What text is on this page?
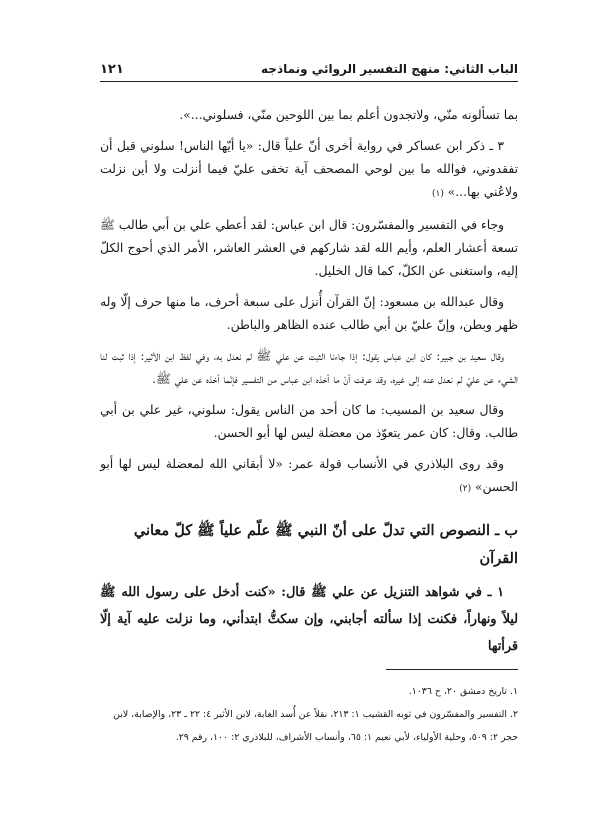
الباب الثاني: منهج التفسير الروائي ونماذجه
١٢١

بما تسألونه منّي، ولاتجدون أعلم بما بين اللوحين منّي، فسلوني...».

٣ ـ ذكر ابن عساكر في رواية أخرى أنّ علياً قال: «يا أيّها الناس! سلوني قبل أن تفقدوني، فوالله ما بين لوحي المصحف آية تخفى عليّ فيما أنزلت ولا أين نزلت ولاعُني بها...» (١)

وجاء في التفسير والمفسّرون: قال ابن عباس: لقد أعطي علي بن أبي طالب ﷺ تسعة أعشار العلم، وأيم الله لقد شاركهم في العشر العاشر، الأمر الذي أحوج الكلّ إليه، واستغنى عن الكلّ، كما قال الخليل.

وقال عبدالله بن مسعود: إنّ القرآن أُنزل على سبعة أحرف، ما منها حرف إلّا وله ظهر وبطن، وإنّ عليّ بن أبي طالب عنده الظاهر والباطن.

وقال سعيد بن جبير: كان ابن عباس يقول: إذا جاءنا الثبت عن علي ﷺ لم نعدل به، وفي لفظ ابن الأثير: إذا ثبت لنا الشيء عن عليّ لم نعدل عنه إلى غيره، وقد عرفت أنّ ما أخذه ابن عباس من التفسير فإنّما أخذه عن علي ﷺ.

وقال سعيد بن المسيب: ما كان أحد من الناس يقول: سلوني، غير علي بن أبي طالب. وقال: كان عمر يتعوّذ من معضلة ليس لها أبو الحسن.

وقد روى البلاذري في الأنساب قولة عمر: «لا أبقاني الله لمعضلة ليس لها أبو الحسن» (٢)

ب ـ النصوص التي تدلّ على أنّ النبي ﷺ علّم علياً ﷺ كلّ معاني القرآن

١ ـ في شواهد التنزيل عن علي ﷺ قال: «كنت أدخل على رسول الله ﷺ ليلاً ونهاراً، فكنت إذا سألته أجابني، وإن سكتُّ ابتدأني، وما نزلت عليه آية إلّا قرأتها

١. تاريخ دمشق ٢٠، ح ١٠٣٦.

٢. التفسير والمفسّرون في ثوبه القشيب ١: ٢١٣، نقلاً عن أُسد الغابة، لابن الأثير ٤: ٢٢ ـ ٢٣، والإصابة، لابن حجر ٢: ٥٠٩، وحلية الأولياء، لأبي نعيم ١: ٦٥، وأنساب الأشراف، للبلاذري ٢: ١٠٠، رقم ٢٩.
